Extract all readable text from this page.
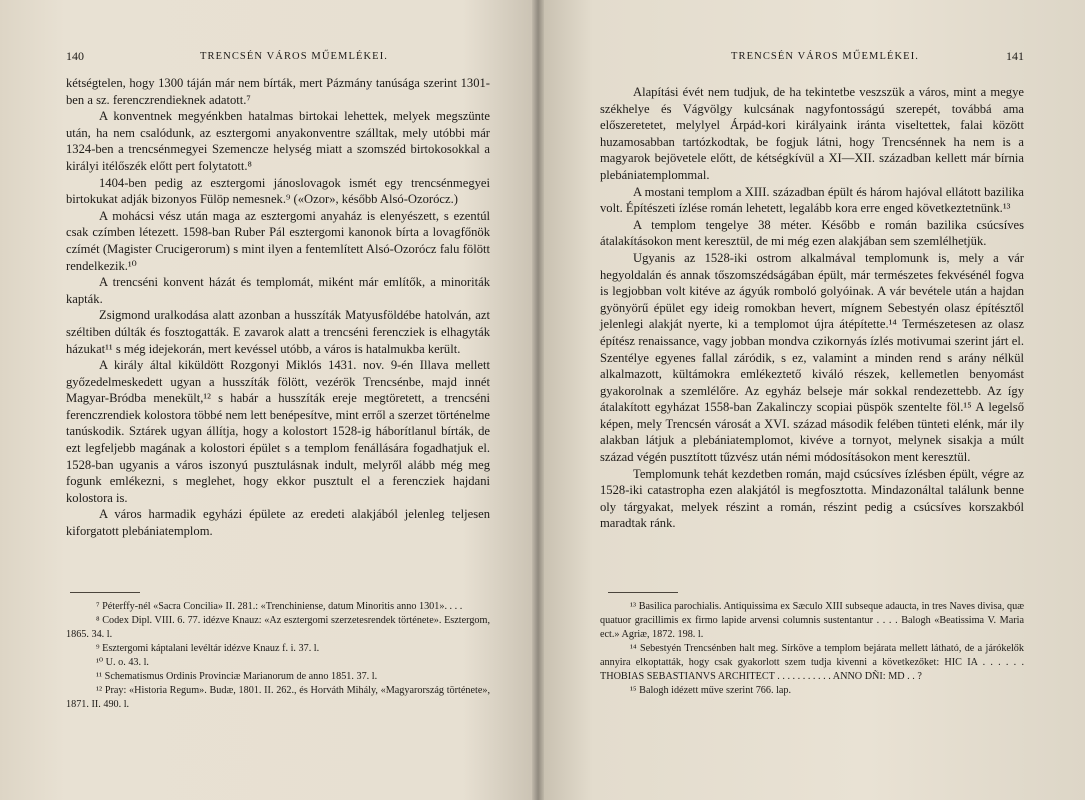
140	TRENCSÉN VÁROS MŰEMLÉKEI.

kétségtelen, hogy 1300 táján már nem bírták, mert Pázmány tanúsága szerint 1301-ben a sz. ferenczrendieknek adatott.⁷

A konventnek megyénkben hatalmas birtokai lehettek, melyek megszünte után, ha nem csalódunk, az esztergomi anyakonventre szálltak, mely utóbbi már 1324-ben a trencsénmegyei Szemencze helység miatt a szomszéd birtokosokkal a királyi itélőszék előtt pert folytatott.⁸

1404-ben pedig az esztergomi jánoslovagok ismét egy trencsénmegyei birtokukat adják bizonyos Fülöp nemesnek.⁹ («Ozor», később Alsó-Ozorócz.)

A mohácsi vész után maga az esztergomi anyaház is elenyészett, s ezentúl csak czímben létezett. 1598-ban Ruber Pál esztergomi kanonok bírta a lovagfőnök czímét (Magister Crucigerorum) s mint ilyen a fentemlített Alsó-Ozorócz falu fölött rendelkezik.¹⁰

A trencséni konvent házát és templomát, miként már említők, a minoriták kapták.

Zsigmond uralkodása alatt azonban a husszíták Matyusföldébe hatolván, azt széltiben dúlták és fosztogatták. E zavarok alatt a trencséni ferencziek is elhagyták házukat¹¹ s még idejekorán, mert kevéssel utóbb, a város is hatalmukba került.

A király által kiküldött Rozgonyi Miklós 1431. nov. 9-én Illava mellett győzedelmeskedett ugyan a husszíták fölött, vezérök Trencsénbe, majd innét Magyar-Bródba menekült,¹² s habár a husszíták ereje megtöretett, a trencséni ferenczrendiek kolostora többé nem lett benépesítve, mint erről a szerzet történelme tanúskodik. Sztárek ugyan állítja, hogy a kolostort 1528-ig háborítlanul bírták, de ezt legfeljebb magának a kolostori épület s a templom fenállására fogadhatjuk el. 1528-ban ugyanis a város iszonyú pusztulásnak indult, melyről alább még meg fogunk emlékezni, s meglehet, hogy ekkor pusztult el a ferencziek hajdani kolostora is.

A város harmadik egyházi épülete az eredeti alakjából jelenleg teljesen kiforgatott plebániatemplom.

⁷ Péterffy-nél «Sacra Concilia» II. 281.: «Trenchiniense, datum Minoritis anno 1301». . . .

⁸ Codex Dipl. VIII. 6. 77. idézve Knauz: «Az esztergomi szerzetesrendek története». Esztergom, 1865. 34. l.

⁹ Esztergomi káptalani levéltár idézve Knauz f. i. 37. l.

¹⁰ U. o. 43. l.

¹¹ Schematismus Ordinis Provinciæ Marianorum de anno 1851. 37. l.

¹² Pray: «Historia Regum». Budæ, 1801. II. 262., és Horváth Mihály, «Magyarország története», 1871. II. 490. l.

TRENCSÉN VÁROS MŰEMLÉKEI.	141

Alapítási évét nem tudjuk, de ha tekintetbe veszszük a város, mint a megye székhelye és Vágvölgy kulcsának nagyfontosságú szerepét, továbbá ama előszeretetet, melylyel Árpád-kori királyaink iránta viseltettek, falai között huzamosabban tartózkodtak, be fogjuk látni, hogy Trencsénnek ha nem is a magyarok bejövetele előtt, de kétségkívül a XI—XII. században kellett már bírnia plebániatemplommal.

A mostani templom a XIII. században épült és három hajóval ellátott bazilika volt. Építészeti ízlése román lehetett, legalább kora erre enged következtetnünk.¹³

A templom tengelye 38 méter. Később e román bazilika csúcsíves átalakításokon ment keresztül, de mi még ezen alakjában sem szemlélhetjük.

Ugyanis az 1528-iki ostrom alkalmával templomunk is, mely a vár hegyoldalán és annak tőszomszédságában épült, már természetes fekvésénél fogva is legjobban volt kitéve az ágyúk romboló golyóinak. A vár bevétele után a hajdan gyönyörű épület egy ideig romokban hevert, mígnem Sebestyén olasz építésztől jelenlegi alakját nyerte, ki a templomot újra átépítette.¹⁴ Természetesen az olasz építész renaissance, vagy jobban mondva czikornyás ízlés motivumai szerint járt el. Szentélye egyenes fallal záródik, s ez, valamint a minden rend s arány nélkül alkalmazott, kültámokra emlékeztető kiváló részek, kellemetlen benyomást gyakorolnak a szemlélőre. Az egyház belseje már sokkal rendezettebb. Az így átalakított egyházat 1558-ban Zakalinczy scopiai püspök szentelte föl.¹⁵ A legelső képen, mely Trencsén városát a XVI. század második felében tünteti elénk, már ily alakban látjuk a plebániatemplomot, kivéve a tornyot, melynek sisakja a múlt század végén pusztított tűzvész után némi módosításokon ment keresztül.

Templomunk tehát kezdetben román, majd csúcsíves ízlésben épült, végre az 1528-iki catastropha ezen alakjától is megfosztotta. Mindazonáltal találunk benne oly tárgyakat, melyek részint a román, részint pedig a csúcsíves korszakból maradtak ránk.

¹³ Basilica parochialis. Antiquissima ex Sæculo XIII subseque adaucta, in tres Naves divisa, quæ quatuor gracillimis ex firmo lapide arvensi columnis sustentantur . . . . Balogh «Beatissima V. Maria ect.» Agriæ, 1872. 198. l.

¹⁴ Sebestyén Trencsénben halt meg. Sírköve a templom bejárata mellett látható, de a járókelők annyira elkoptatták, hogy csak gyakorlott szem tudja kivenni a következőket: HIC IA . . . . . . THOBIAS SEBASTIANVS ARCHITECT . . . . . . . . . . . ANNO DÑI: MD . . ?

¹⁵ Balogh idézett műve szerint 766. lap.
